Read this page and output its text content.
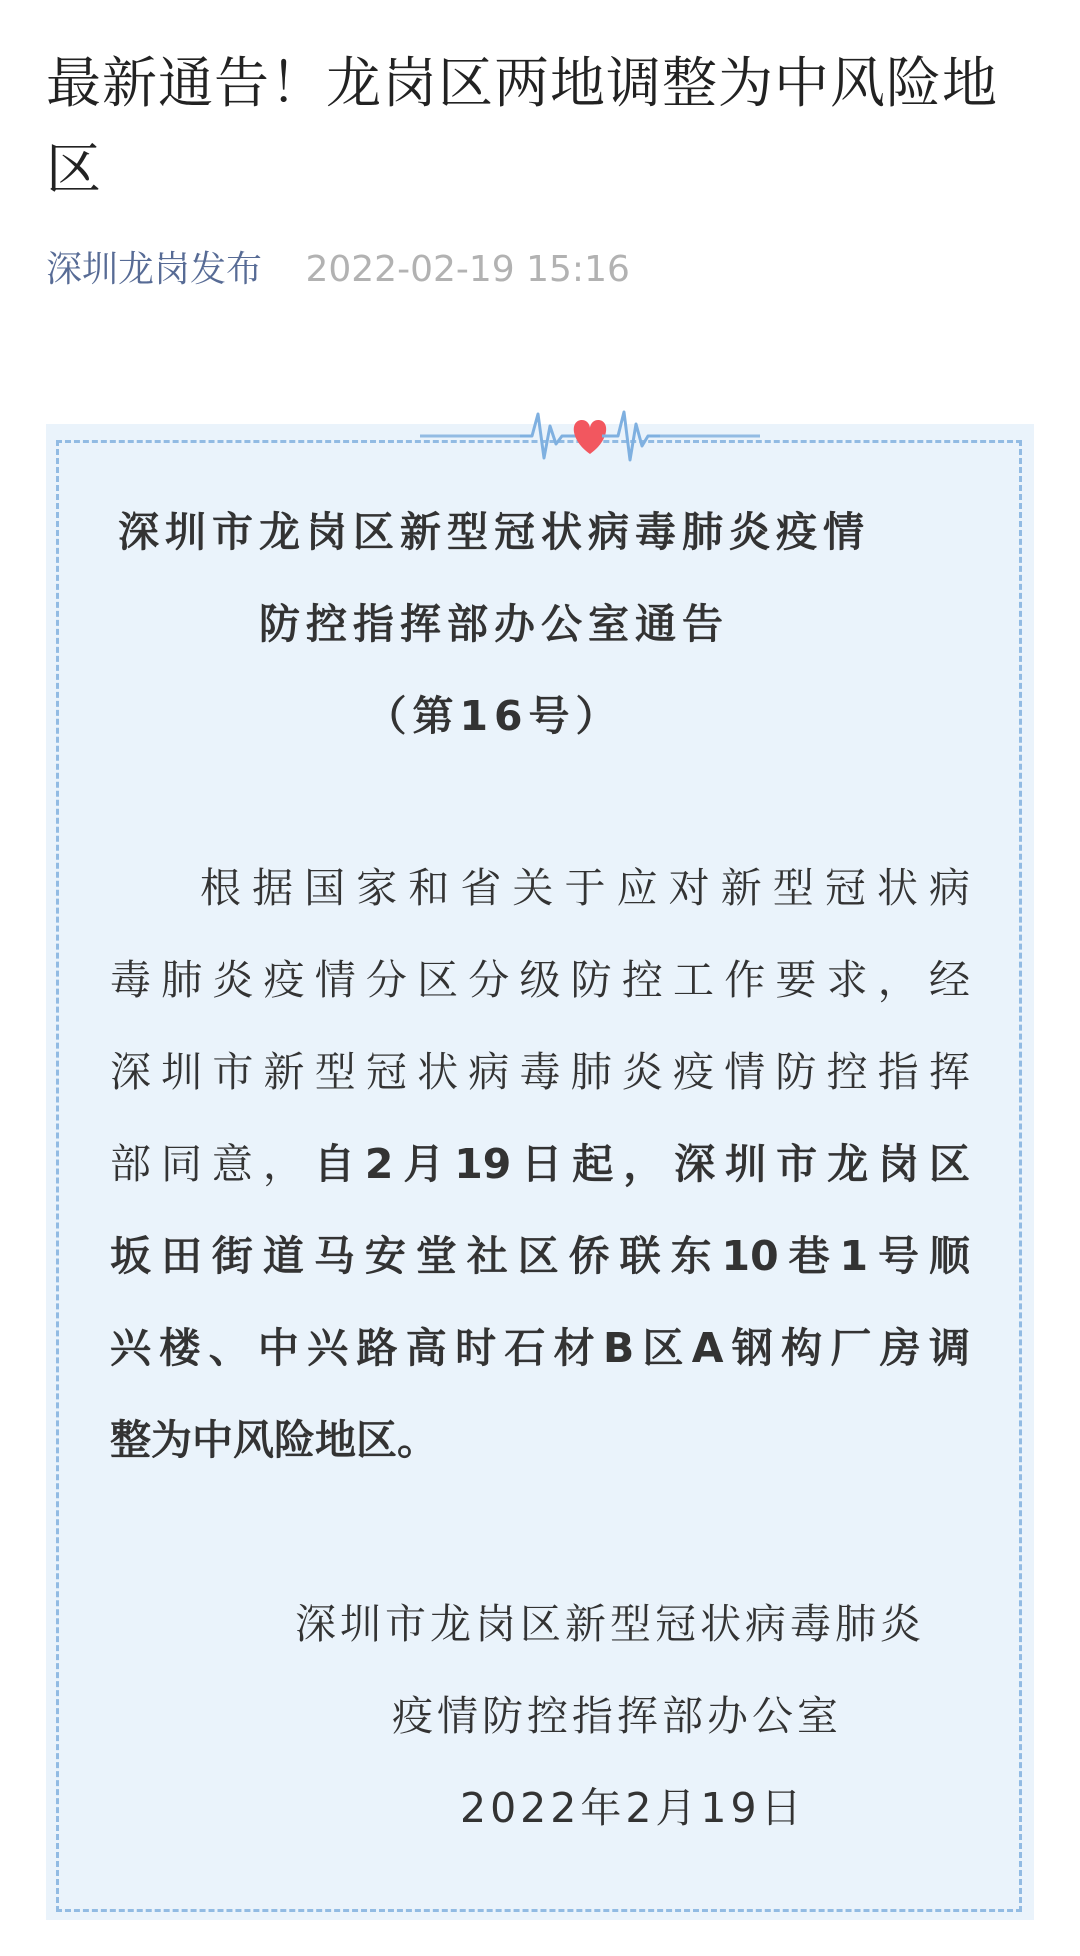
最新通告！龙岗区两地调整为中风险地区
深圳龙岗发布 2022-02-19 15:16
深圳市龙岗区新型冠状病毒肺炎疫情
防控指挥部办公室通告
（第16号）
根据国家和省关于应对新型冠状病
毒肺炎疫情分区分级防控工作要求，经
深圳市新型冠状病毒肺炎疫情防控指挥
部同意，自2月19日起，深圳市龙岗区
坂田街道马安堂社区侨联东10巷1号顺
兴楼、中兴路高时石材B区A钢构厂房调
整为中风险地区。
深圳市龙岗区新型冠状病毒肺炎
疫情防控指挥部办公室
2022年2月19日
